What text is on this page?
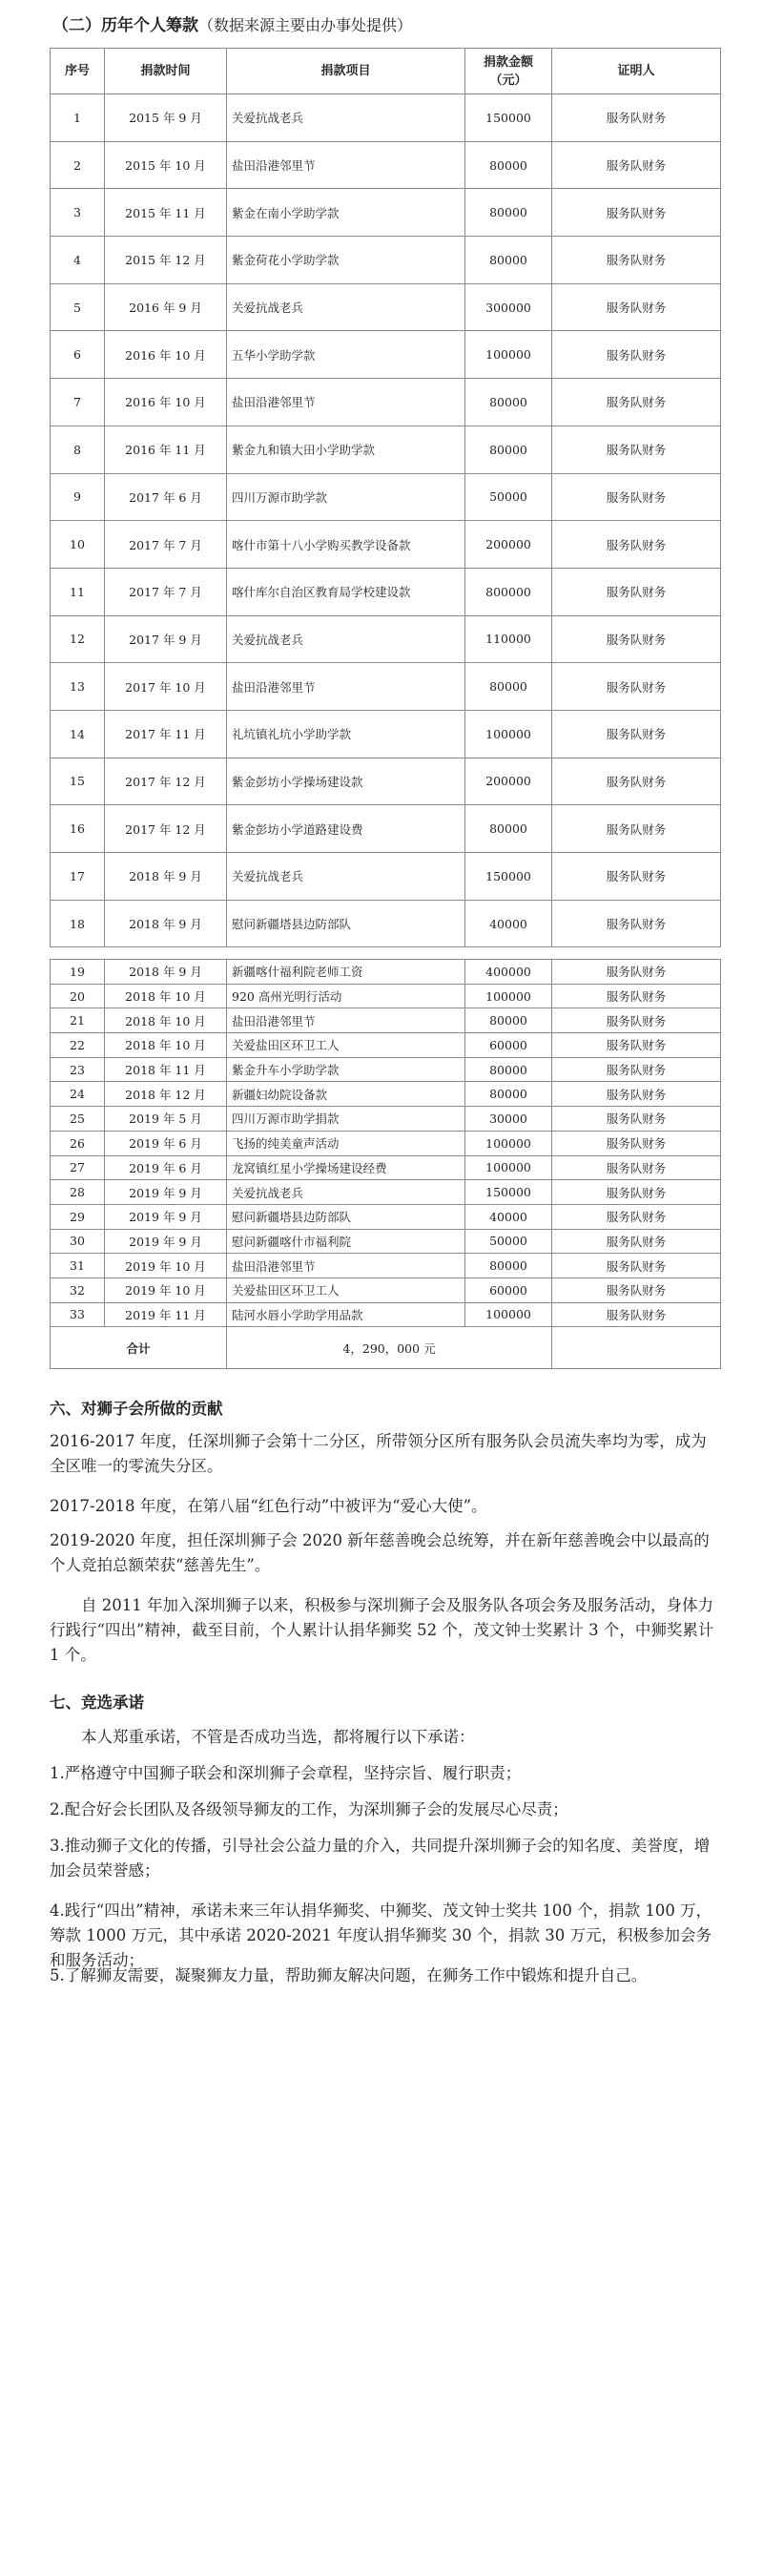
（二）历年个人筹款（数据来源主要由办事处提供）
序号	捐款时间	捐款项目	捐款金额
（元）	证明人
1	2015 年 9 月	关爱抗战老兵	150000	服务队财务
2	2015 年 10 月	盐田沿港邻里节	80000	服务队财务
3	2015 年 11 月	紫金在南小学助学款	80000	服务队财务
4	2015 年 12 月	紫金荷花小学助学款	80000	服务队财务
5	2016 年 9 月	关爱抗战老兵	300000	服务队财务
6	2016 年 10 月	五华小学助学款	100000	服务队财务
7	2016 年 10 月	盐田沿港邻里节	80000	服务队财务
8	2016 年 11 月	紫金九和镇大田小学助学款	80000	服务队财务
9	2017 年 6 月	四川万源市助学款	50000	服务队财务
10	2017 年 7 月	喀什市第十八小学购买教学设备款	200000	服务队财务
11	2017 年 7 月	喀什库尔自治区教育局学校建设款	800000	服务队财务
12	2017 年 9 月	关爱抗战老兵	110000	服务队财务
13	2017 年 10 月	盐田沿港邻里节	80000	服务队财务
14	2017 年 11 月	礼坑镇礼坑小学助学款	100000	服务队财务
15	2017 年 12 月	紫金彭坊小学操场建设款	200000	服务队财务
16	2017 年 12 月	紫金彭坊小学道路建设费	80000	服务队财务
17	2018 年 9 月	关爱抗战老兵	150000	服务队财务
18	2018 年 9 月	慰问新疆塔县边防部队	40000	服务队财务
19	2018 年 9 月	新疆喀什福利院老师工资	400000	服务队财务
20	2018 年 10 月	920 高州光明行活动	100000	服务队财务
21	2018 年 10 月	盐田沿港邻里节	80000	服务队财务
22	2018 年 10 月	关爱盐田区环卫工人	60000	服务队财务
23	2018 年 11 月	紫金升车小学助学款	80000	服务队财务
24	2018 年 12 月	新疆妇幼院设备款	80000	服务队财务
25	2019 年 5 月	四川万源市助学捐款	30000	服务队财务
26	2019 年 6 月	飞扬的纯美童声活动	100000	服务队财务
27	2019 年 6 月	龙窝镇红星小学操场建设经费	100000	服务队财务
28	2019 年 9 月	关爱抗战老兵	150000	服务队财务
29	2019 年 9 月	慰问新疆塔县边防部队	40000	服务队财务
30	2019 年 9 月	慰问新疆喀什市福利院	50000	服务队财务
31	2019 年 10 月	盐田沿港邻里节	80000	服务队财务
32	2019 年 10 月	关爱盐田区环卫工人	60000	服务队财务
33	2019 年 11 月	陆河水唇小学助学用品款	100000	服务队财务
合计		4，290，000 元		
六、对狮子会所做的贡献
2016-2017 年度，任深圳狮子会第十二分区，所带领分区所有服务队会员流失率均为零，成为全区唯一的零流失分区。
2017-2018 年度，在第八届“红色行动”中被评为“爱心大使”。
2019-2020 年度，担任深圳狮子会 2020 新年慈善晚会总统筹，并在新年慈善晚会中以最高的个人竞拍总额荣获“慈善先生”。
自 2011 年加入深圳狮子以来，积极参与深圳狮子会及服务队各项会务及服务活动，身体力行践行“四出”精神，截至目前，个人累计认捐华狮奖 52 个，茂文钟士奖累计 3 个，中狮奖累计 1 个。
七、竞选承诺
本人郑重承诺，不管是否成功当选，都将履行以下承诺：
1.严格遵守中国狮子联会和深圳狮子会章程，坚持宗旨、履行职责；
2.配合好会长团队及各级领导狮友的工作，为深圳狮子会的发展尽心尽责；
3.推动狮子文化的传播，引导社会公益力量的介入，共同提升深圳狮子会的知名度、美誉度，增加会员荣誉感；
4.践行“四出”精神，承诺未来三年认捐华狮奖、中狮奖、茂文钟士奖共 100 个，捐款 100 万，筹款 1000 万元，其中承诺 2020-2021 年度认捐华狮奖 30 个，捐款 30 万元，积极参加会务和服务活动；
5.了解狮友需要，凝聚狮友力量，帮助狮友解决问题，在狮务工作中锻炼和提升自己。
